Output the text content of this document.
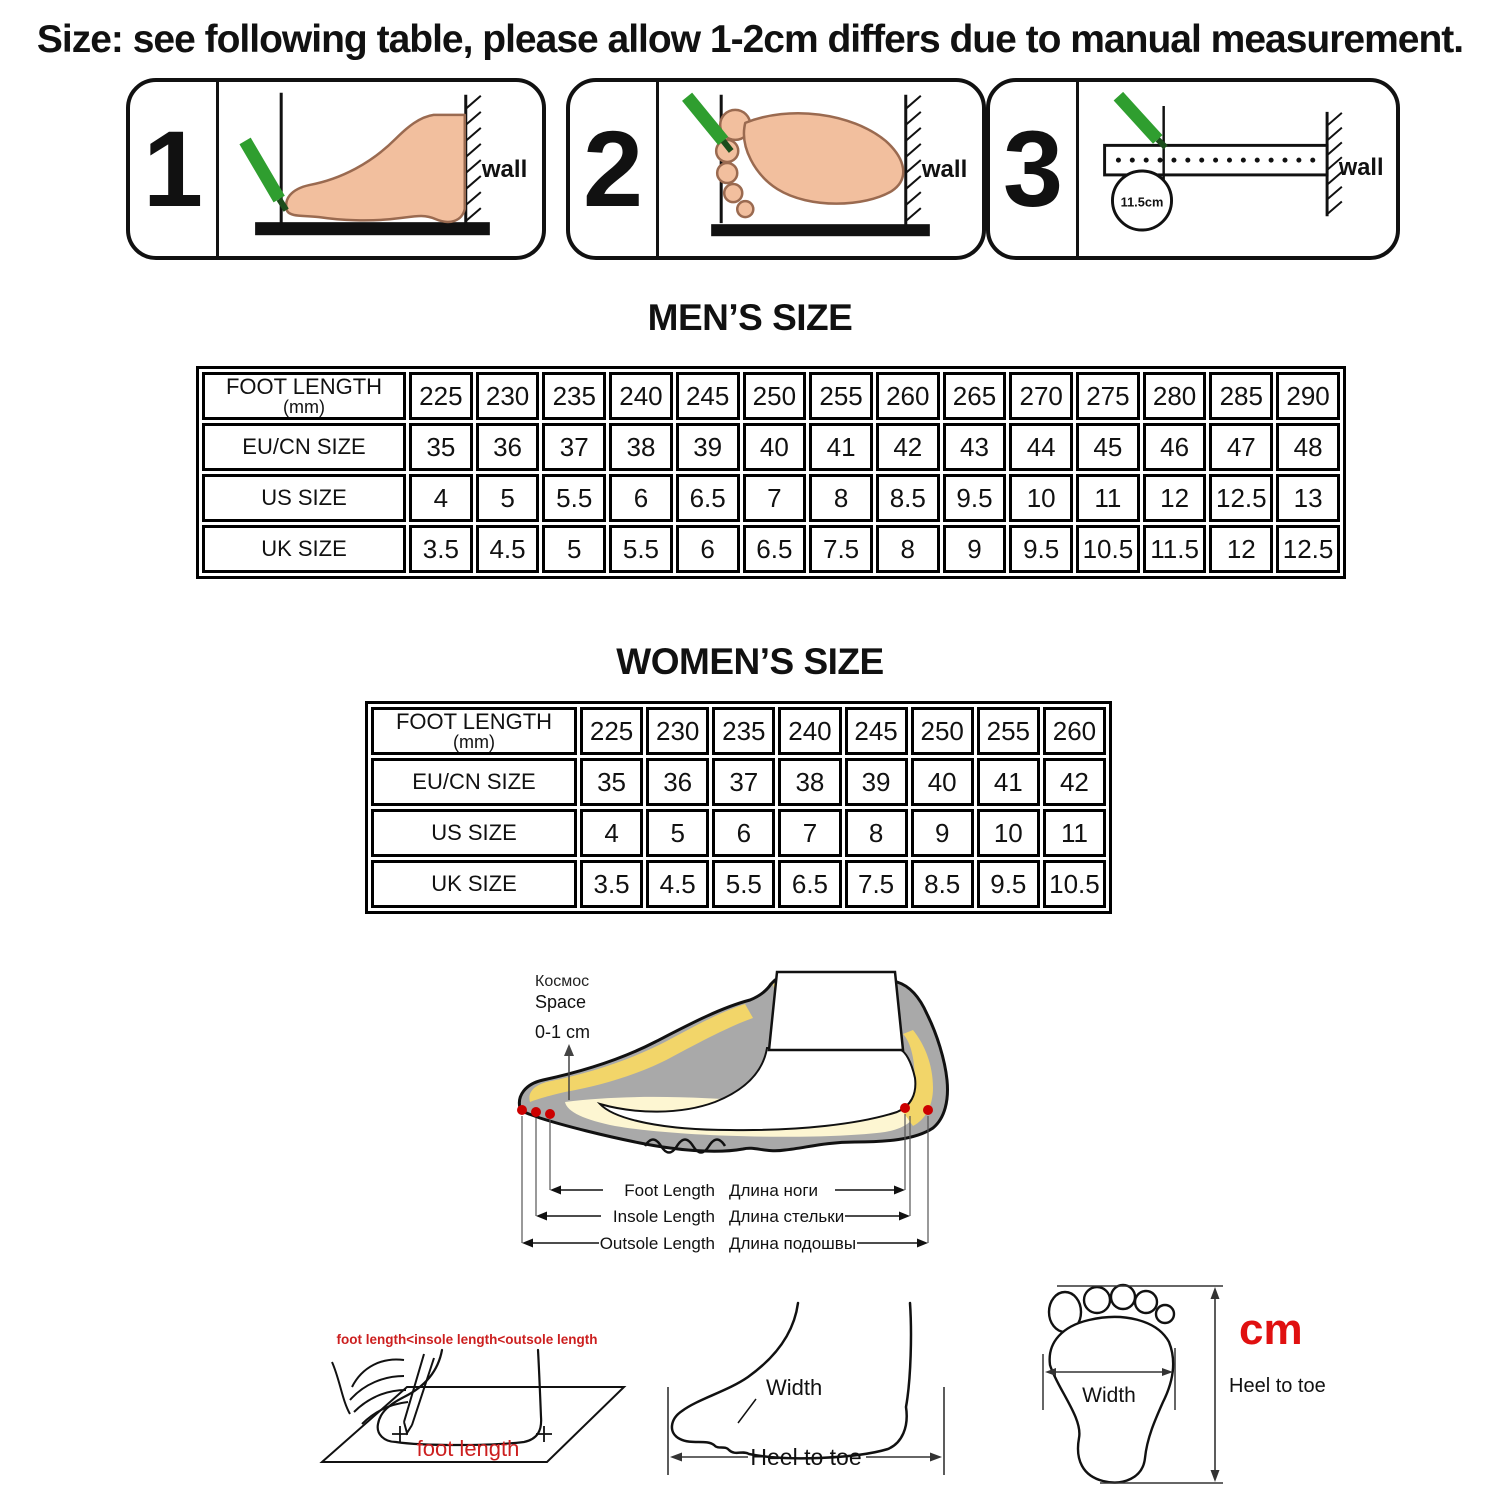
Size: see following table, please allow 1-2cm differs due to manual measurement.
1	wall 2	wall 3	11.5cm
wall
MEN’S SIZE
FOOT LENGTH
(mm)	225	230	235	240	245	250	255	260	265	270	275	280	285	290
EU/CN SIZE	35	36	37	38	39	40	41	42	43	44	45	46	47	48
US SIZE	4	5	5.5	6	6.5	7	8	8.5	9.5	10	11	12	12.5	13
UK SIZE	3.5	4.5	5	5.5	6	6.5	7.5	8	9	9.5	10.5	11.5	12	12.5
WOMEN’S SIZE
FOOT LENGTH
(mm)	225	230	235	240	245	250	255	260
EU/CN SIZE	35	36	37	38	39	40	41	42
US SIZE	4	5	6	7	8	9	10	11
UK SIZE	3.5	4.5	5.5	6.5	7.5	8.5	9.5	10.5
Космос
Space
0-1 cm
Foot Length Длина ноги
Insole Length Длина стельки
Outsole Length Длина подошвы
foot length<insole length<outsole length
foot length
Width
Heel to toe
Width
cm
Heel to toe
